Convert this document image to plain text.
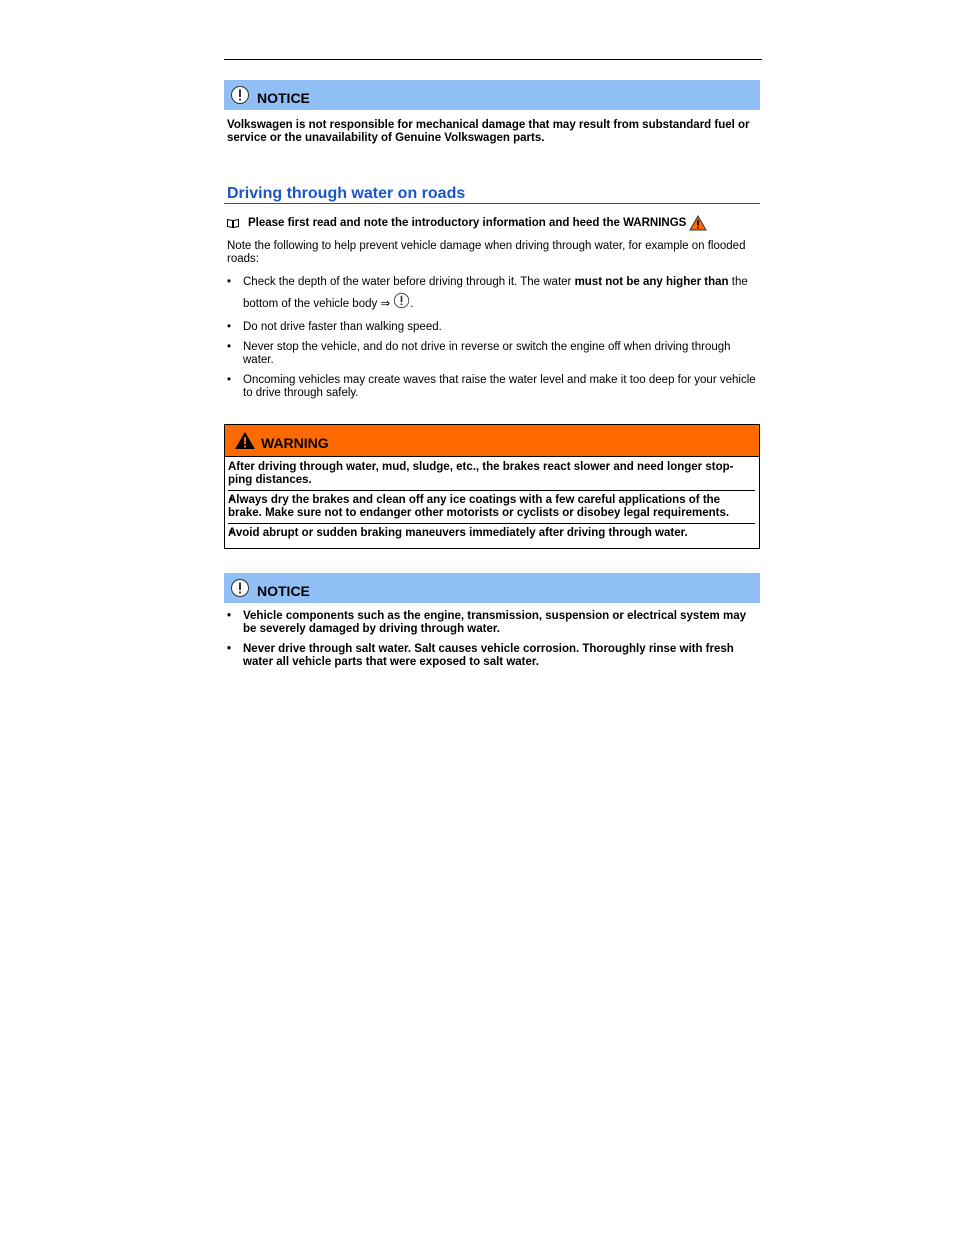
NOTICE

Volkswagen is not responsible for mechanical damage that may result from substandard fuel or service or the unavailability of Genuine Volkswagen parts.

Driving through water on roads
Please first read and note the introductory information and heed the WARNINGS

Note the following to help prevent vehicle damage when driving through water, for example on flooded roads:

• Check the depth of the water before driving through it. The water must not be any higher than the bottom of the vehicle body ⇒ .
• Do not drive faster than walking speed.
• Never stop the vehicle, and do not drive in reverse or switch the engine off when driving through water.
• Oncoming vehicles may create waves that raise the water level and make it too deep for your vehicle to drive through safely.
WARNING
After driving through water, mud, sludge, etc., the brakes react slower and need longer stop-ping distances.
• Always dry the brakes and clean off any ice coatings with a few careful applications of the brake. Make sure not to endanger other motorists or cyclists or disobey legal requirements.
• Avoid abrupt or sudden braking maneuvers immediately after driving through water.
NOTICE
• Vehicle components such as the engine, transmission, suspension or electrical system may be severely damaged by driving through water.
• Never drive through salt water. Salt causes vehicle corrosion. Thoroughly rinse with fresh water all vehicle parts that were exposed to salt water.
